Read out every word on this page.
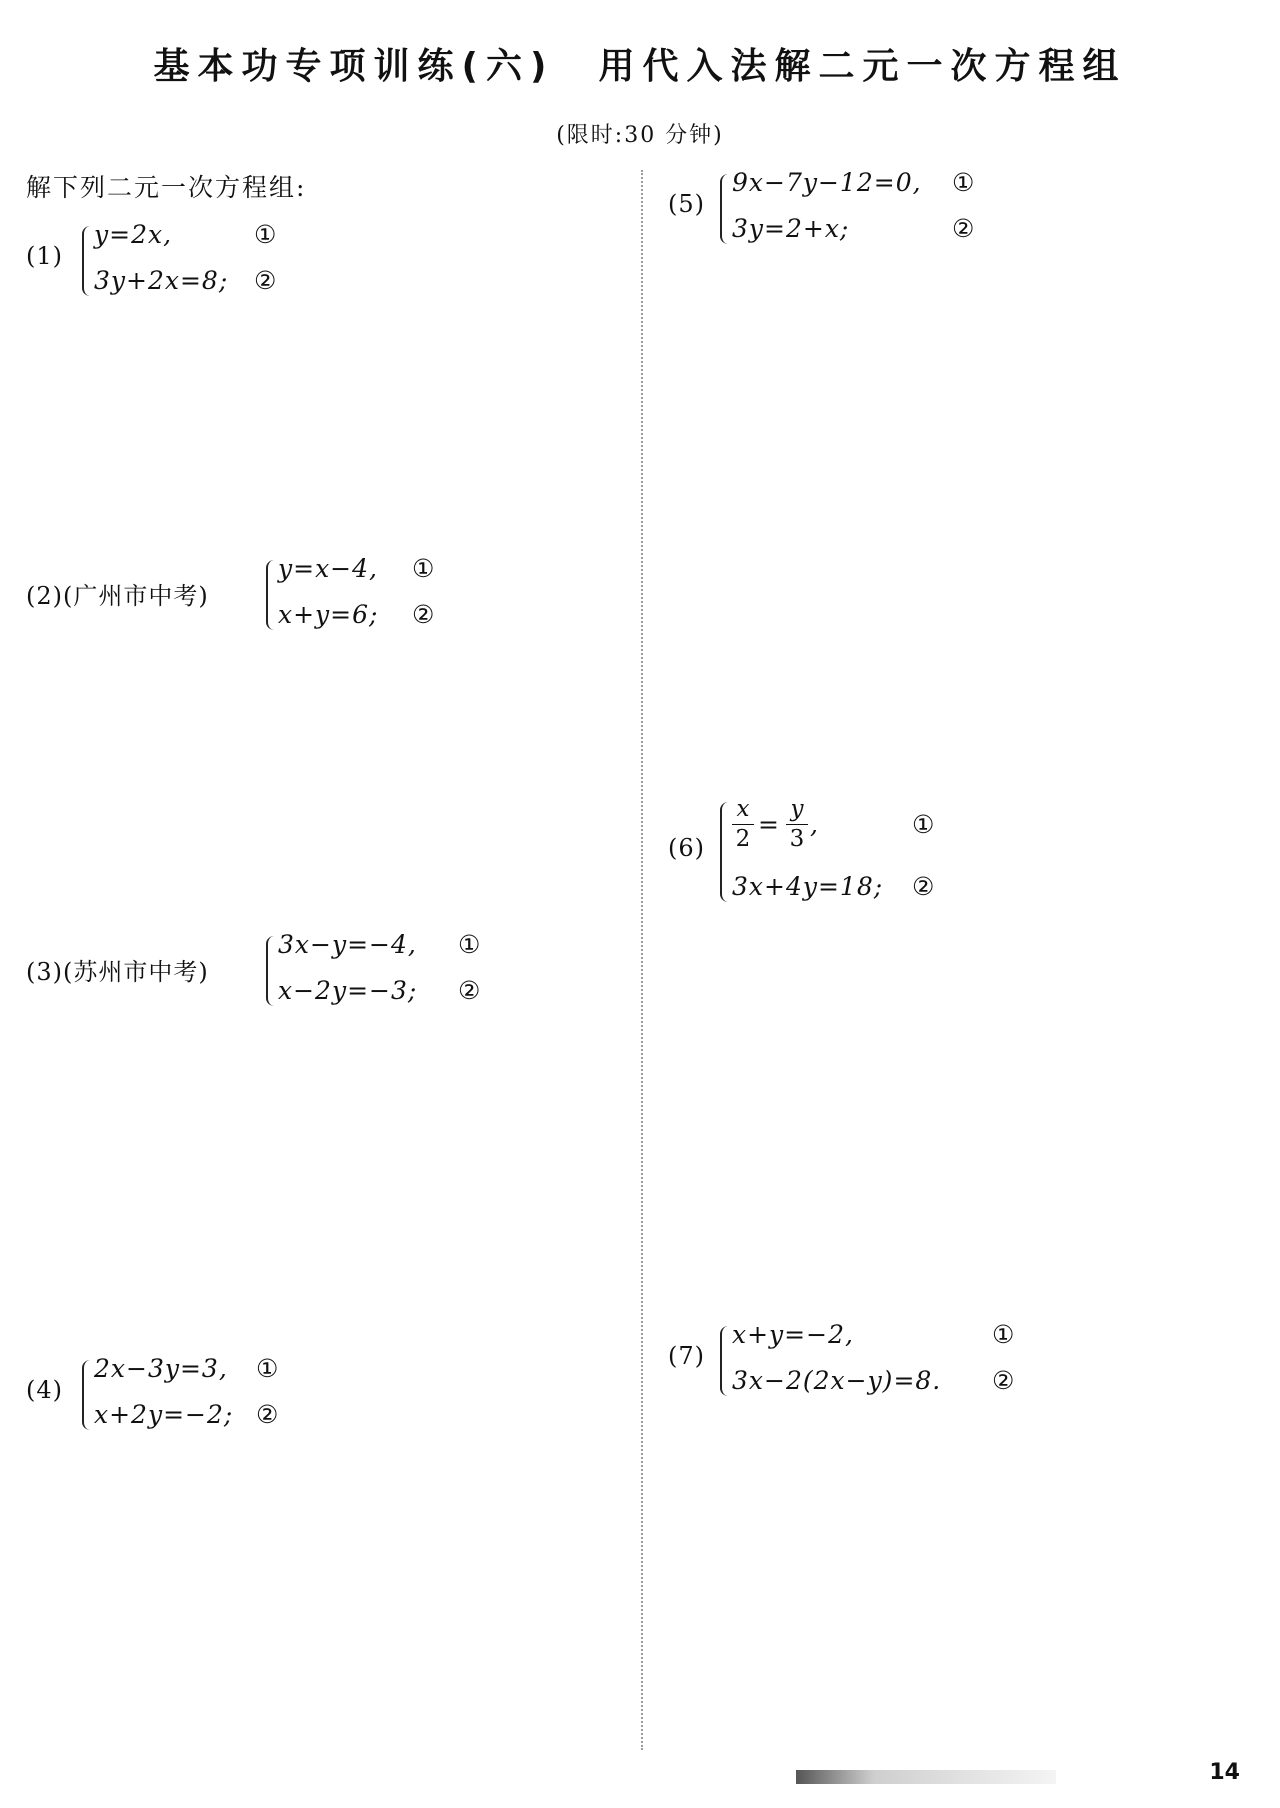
基本功专项训练(六)　用代入法解二元一次方程组
(限时:30 分钟)
解下列二元一次方程组:
(1)
y=2x,	①
3y+2x=8; ②
(2)(广州市中考)
y=x−4, ①
x+y=6; ②
(3)(苏州市中考)
3x−y=−4, ①
x−2y=−3; ②
(4)
2x−3y=3, ①
x+2y=−2; ②
(5)
9x−7y−12=0, ①
3y=2+x;	②
(6)
x
2 =
y
3 ,	①
3x+4y=18; ②
(7)
x+y=−2,	①
3x−2(2x−y)=8. ②
14
